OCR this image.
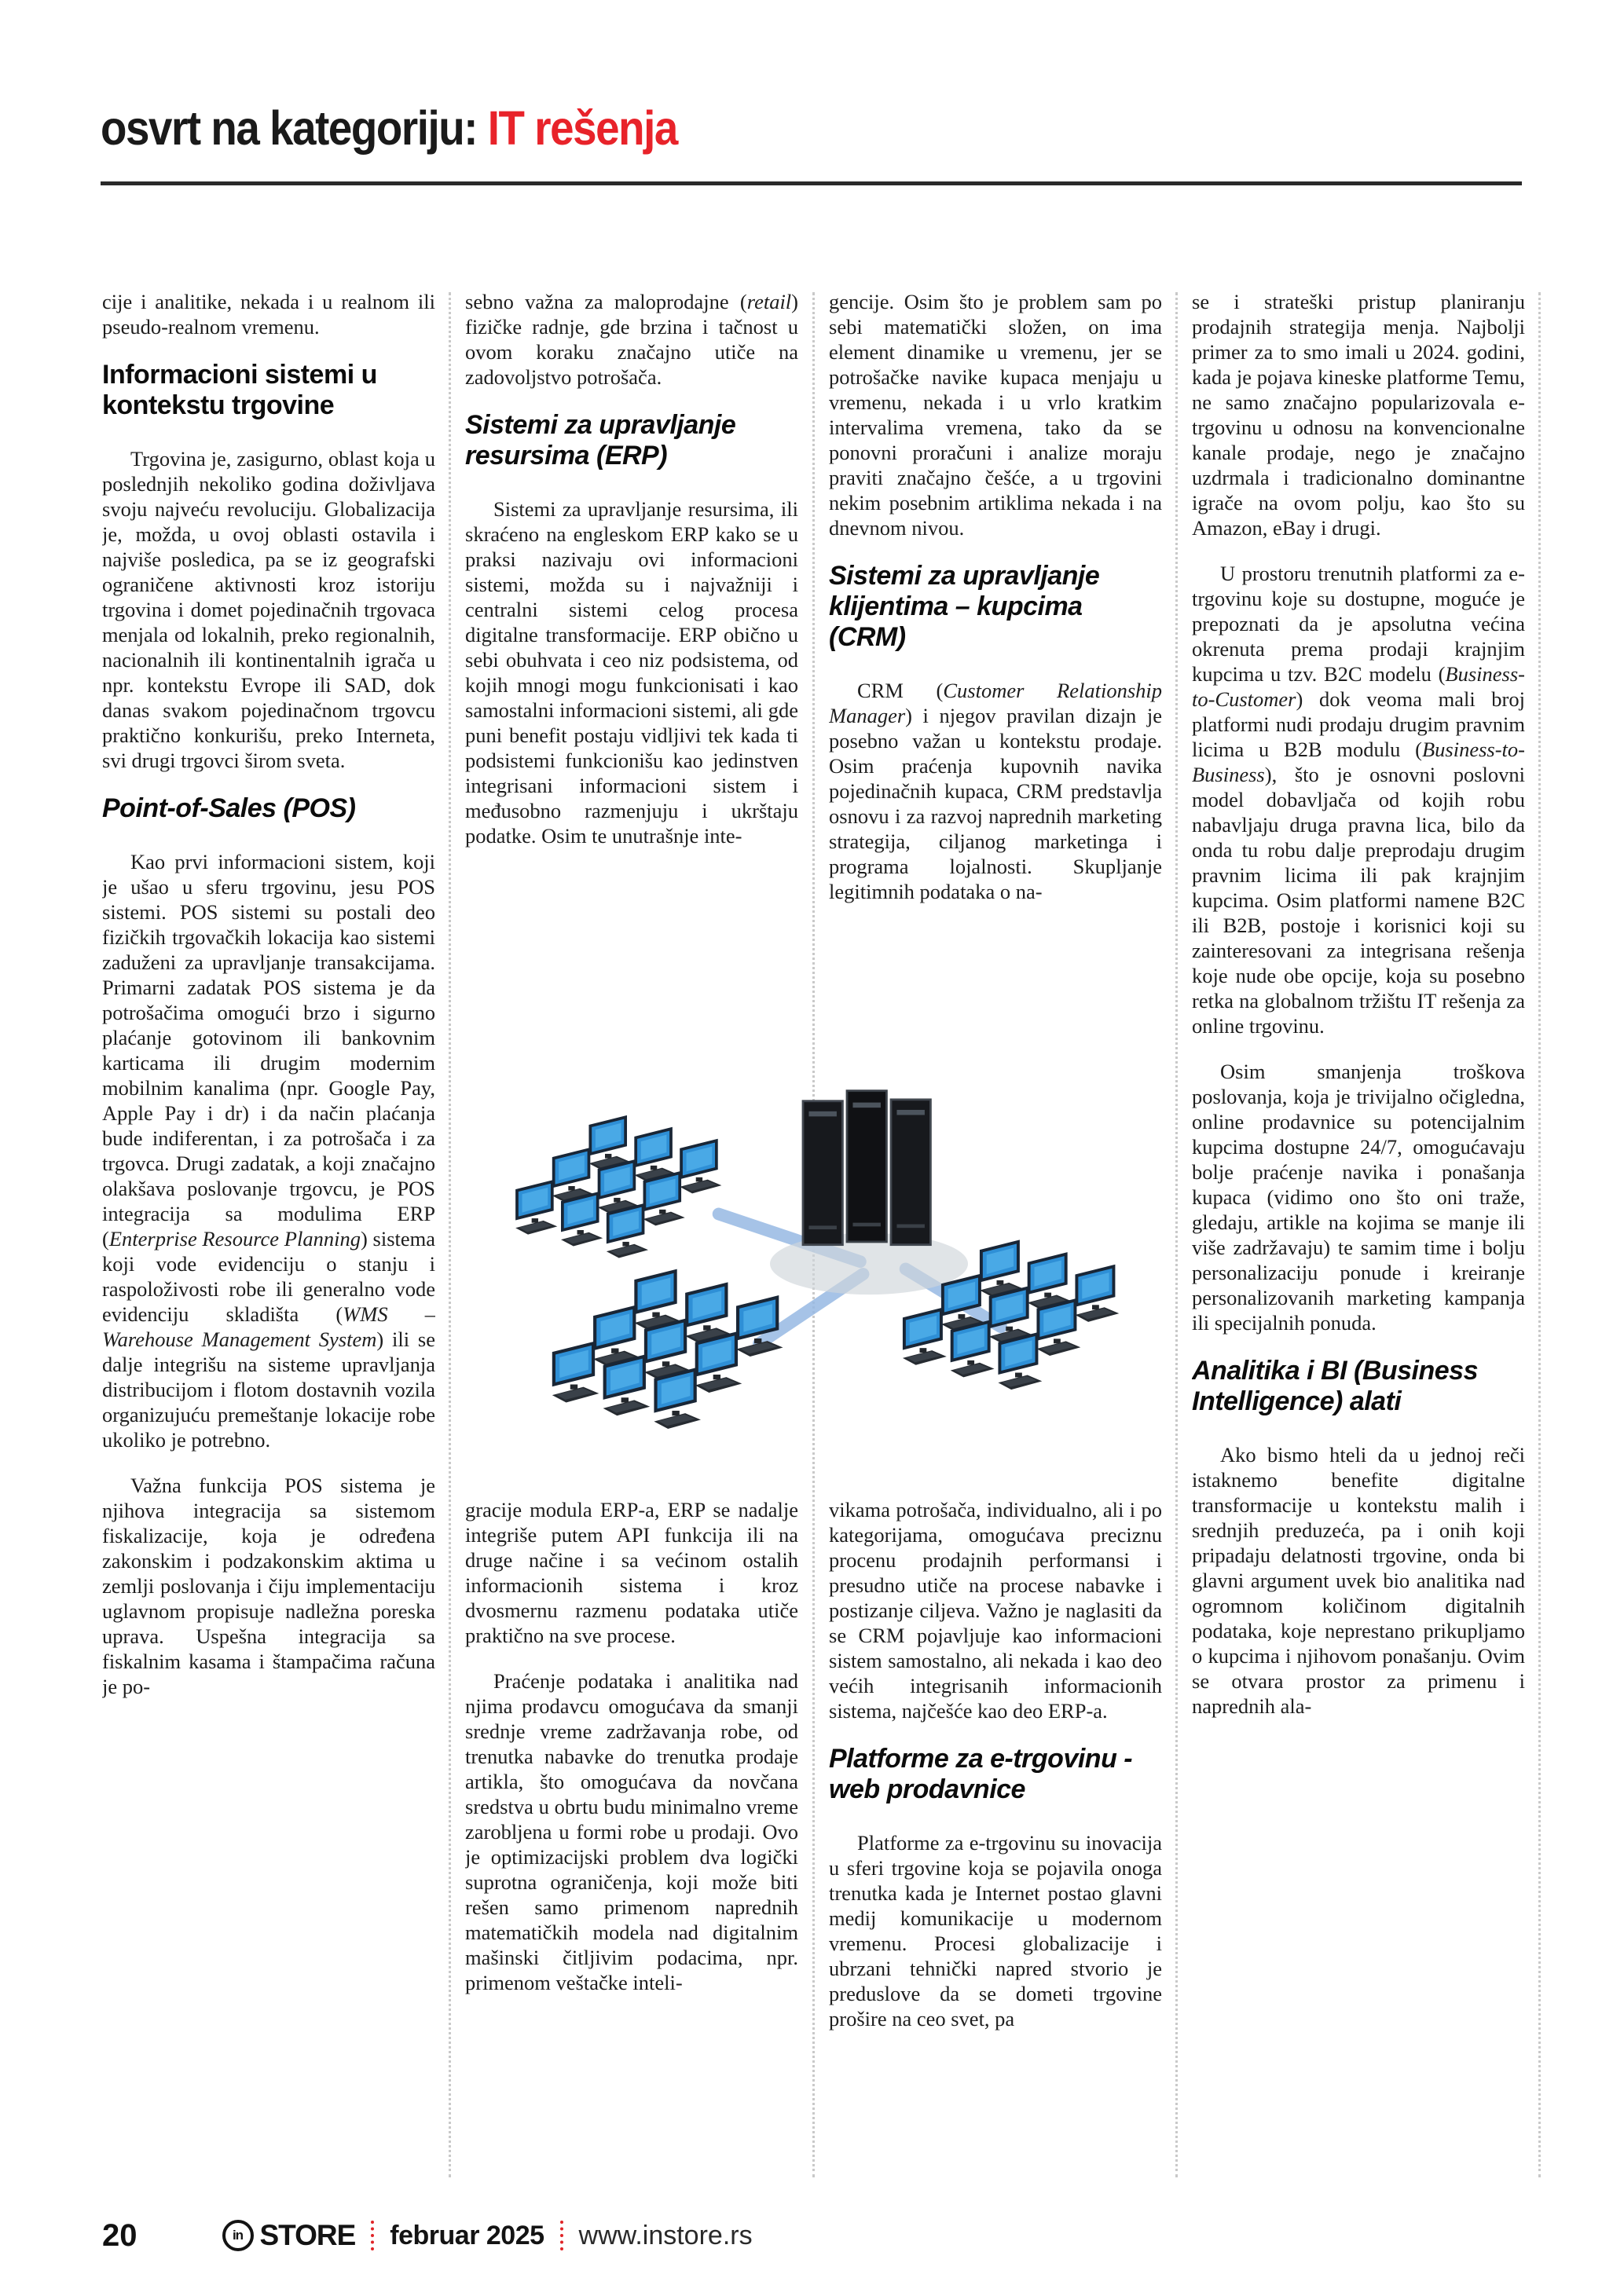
osvrt na kategoriju: IT rešenja

cije i analitike, nekada i u realnom ili pseudo-realnom vremenu.

Informacioni sistemi u kontekstu trgovine

Trgovina je, zasigurno, oblast koja u poslednjih nekoliko godina doživljava svoju najveću revoluciju. Globalizacija je, možda, u ovoj oblasti ostavila i najviše posledica, pa se iz geografski ograničene aktivnosti kroz istoriju trgovina i domet pojedinačnih trgovaca menjala od lokalnih, preko regionalnih, nacionalnih ili kontinentalnih igrača u npr. kontekstu Evrope ili SAD, dok danas svakom pojedinačnom trgovcu praktično konkurišu, preko Interneta, svi drugi trgovci širom sveta.

Point-of-Sales (POS)

Kao prvi informacioni sistem, koji je ušao u sferu trgovinu, jesu POS sistemi. POS sistemi su postali deo fizičkih trgovačkih lokacija kao sistemi zaduženi za upravljanje transakcijama. Primarni zadatak POS sistema je da potrošačima omogući brzo i sigurno plaćanje gotovinom ili bankovnim karticama ili drugim modernim mobilnim kanalima (npr. Google Pay, Apple Pay i dr) i da način plaćanja bude indiferentan, i za potrošača i za trgovca. Drugi zadatak, a koji značajno olakšava poslovanje trgovcu, je POS integracija sa modulima ERP (Enterprise Resource Planning) sistema koji vode evidenciju o stanju i raspoloživosti robe ili generalno vode evidenciju skladišta (WMS – Warehouse Management System) ili se dalje integrišu na sisteme upravljanja distribucijom i flotom dostavnih vozila organizujuću premeštanje lokacije robe ukoliko je potrebno.

Važna funkcija POS sistema je njihova integracija sa sistemom fiskalizacije, koja je određena zakonskim i podzakonskim aktima u zemlji poslovanja i čiju implementaciju uglavnom propisuje nadležna poreska uprava. Uspešna integracija sa fiskalnim kasama i štampačima računa je po-

sebno važna za maloprodajne (retail) fizičke radnje, gde brzina i tačnost u ovom koraku značajno utiče na zadovoljstvo potrošača.

Sistemi za upravljanje resursima (ERP)

Sistemi za upravljanje resursima, ili skraćeno na engleskom ERP kako se u praksi nazivaju ovi informacioni sistemi, možda su i najvažniji i centralni sistemi celog procesa digitalne transformacije. ERP obično u sebi obuhvata i ceo niz podsistema, od kojih mnogi mogu funkcionisati i kao samostalni informacioni sistemi, ali gde puni benefit postaju vidljivi tek kada ti podsistemi funkcionišu kao jedinstven integrisani informacioni sistem i međusobno razmenjuju i ukrštaju podatke. Osim te unutrašnje inte-

gracije modula ERP-a, ERP se nadalje integriše putem API funkcija ili na druge načine i sa većinom ostalih informacionih sistema i kroz dvosmernu razmenu podataka utiče praktično na sve procese.

Praćenje podataka i analitika nad njima prodavcu omogućava da smanji srednje vreme zadržavanja robe, od trenutka nabavke do trenutka prodaje artikla, što omogućava da novčana sredstva u obrtu budu minimalno vreme zarobljena u formi robe u prodaji. Ovo je optimizacijski problem dva logički suprotna ograničenja, koji može biti rešen samo primenom naprednih matematičkih modela nad digitalnim mašinski čitljivim podacima, npr. primenom veštačke inteli-

gencije. Osim što je problem sam po sebi matematički složen, on ima element dinamike u vremenu, jer se potrošačke navike kupaca menjaju u vremenu, nekada i u vrlo kratkim intervalima vremena, tako da se ponovni proračuni i analize moraju praviti značajno češće, a u trgovini nekim posebnim artiklima nekada i na dnevnom nivou.

Sistemi za upravljanje klijentima – kupcima (CRM)

CRM (Customer Relationship Manager) i njegov pravilan dizajn je posebno važan u kontekstu prodaje. Osim praćenja kupovnih navika pojedinačnih kupaca, CRM predstavlja osnovu i za razvoj naprednih marketing strategija, ciljanog marketinga i programa lojalnosti. Skupljanje legitimnih podataka o na-

vikama potrošača, individualno, ali i po kategorijama, omogućava preciznu procenu prodajnih performansi i presudno utiče na procese nabavke i postizanje ciljeva. Važno je naglasiti da se CRM pojavljuje kao informacioni sistem samostalno, ali nekada i kao deo većih integrisanih informacionih sistema, najčešće kao deo ERP-a.

Platforme za e-trgovinu - web prodavnice

Platforme za e-trgovinu su inovacija u sferi trgovine koja se pojavila onoga trenutka kada je Internet postao glavni medij komunikacije u modernom vremenu. Procesi globalizacije i ubrzani tehnički napred stvorio je preduslove da se dometi trgovine prošire na ceo svet, pa

se i strateški pristup planiranju prodajnih strategija menja. Najbolji primer za to smo imali u 2024. godini, kada je pojava kineske platforme Temu, ne samo značajno popularizovala e-trgovinu u odnosu na konvencionalne kanale prodaje, nego je značajno uzdrmala i tradicionalno dominantne igrače na ovom polju, kao što su Amazon, eBay i drugi.

U prostoru trenutnih platformi za e-trgovinu koje su dostupne, moguće je prepoznati da je apsolutna većina okrenuta prema prodaji krajnjim kupcima u tzv. B2C modelu (Business-to-Customer) dok veoma mali broj platformi nudi prodaju drugim pravnim licima u B2B modulu (Business-to-Business), što je osnovni poslovni model dobavljača od kojih robu nabavljaju druga pravna lica, bilo da onda tu robu dalje preprodaju drugim pravnim licima ili pak krajnjim kupcima. Osim platformi namene B2C ili B2B, postoje i korisnici koji su zainteresovani za integrisana rešenja koje nude obe opcije, koja su posebno retka na globalnom tržištu IT rešenja za online trgovinu.

Osim smanjenja troškova poslovanja, koja je trivijalno očigledna, online prodavnice su potencijalnim kupcima dostupne 24/7, omogućavaju bolje praćenje navika i ponašanja kupaca (vidimo ono što oni traže, gledaju, artikle na kojima se manje ili više zadržavaju) te samim time i bolju personalizaciju ponude i kreiranje personalizovanih marketing kampanja ili specijalnih ponuda.

Analitika i BI (Business Intelligence) alati

Ako bismo hteli da u jednoj reči istaknemo benefite digitalne transformacije u kontekstu malih i srednjih preduzeća, pa i onih koji pripadaju delatnosti trgovine, onda bi glavni argument uvek bio analitika nad ogromnom količinom digitalnih podataka, koje neprestano prikupljamo o kupcima i njihovom ponašanju. Ovim se otvara prostor za primenu i naprednih ala-

20	in STORE februar 2025 www.instore.rs
